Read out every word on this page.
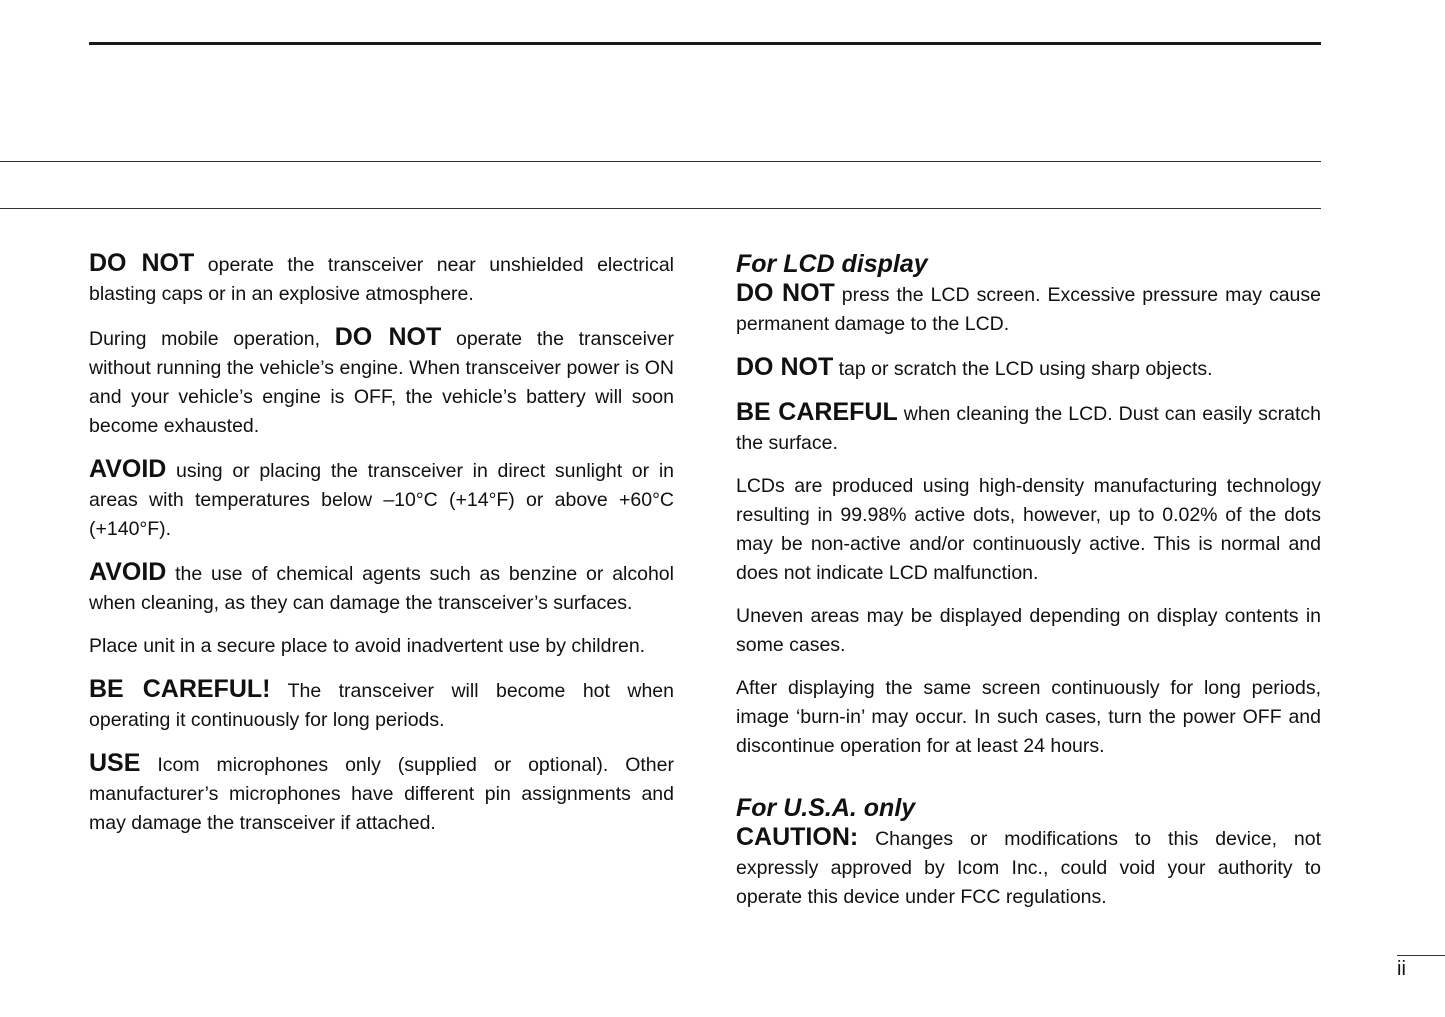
DO NOT operate the transceiver near unshielded electrical blasting caps or in an explosive atmosphere.

During mobile operation, DO NOT operate the transceiver without running the vehicle’s engine. When transceiver power is ON and your vehicle’s engine is OFF, the vehicle’s battery will soon become exhausted.

AVOID using or placing the transceiver in direct sunlight or in areas with temperatures below –10°C (+14°F) or above +60°C (+140°F).

AVOID the use of chemical agents such as benzine or alcohol when cleaning, as they can damage the transceiver’s surfaces.

Place unit in a secure place to avoid inadvertent use by children.

BE CAREFUL! The transceiver will become hot when operating it continuously for long periods.

USE Icom microphones only (supplied or optional). Other manufacturer’s microphones have different pin assignments and may damage the transceiver if attached.

For LCD display

DO NOT press the LCD screen. Excessive pressure may cause permanent damage to the LCD.

DO NOT tap or scratch the LCD using sharp objects.

BE CAREFUL when cleaning the LCD. Dust can easily scratch the surface.

LCDs are produced using high-density manufacturing technology resulting in 99.98% active dots, however, up to 0.02% of the dots may be non-active and/or continuously active. This is normal and does not indicate LCD malfunction.

Uneven areas may be displayed depending on display contents in some cases.

After displaying the same screen continuously for long periods, image ‘burn-in’ may occur. In such cases, turn the power OFF and discontinue operation for at least 24 hours.

For U.S.A. only

CAUTION: Changes or modifications to this device, not expressly approved by Icom Inc., could void your authority to operate this device under FCC regulations.

ii
